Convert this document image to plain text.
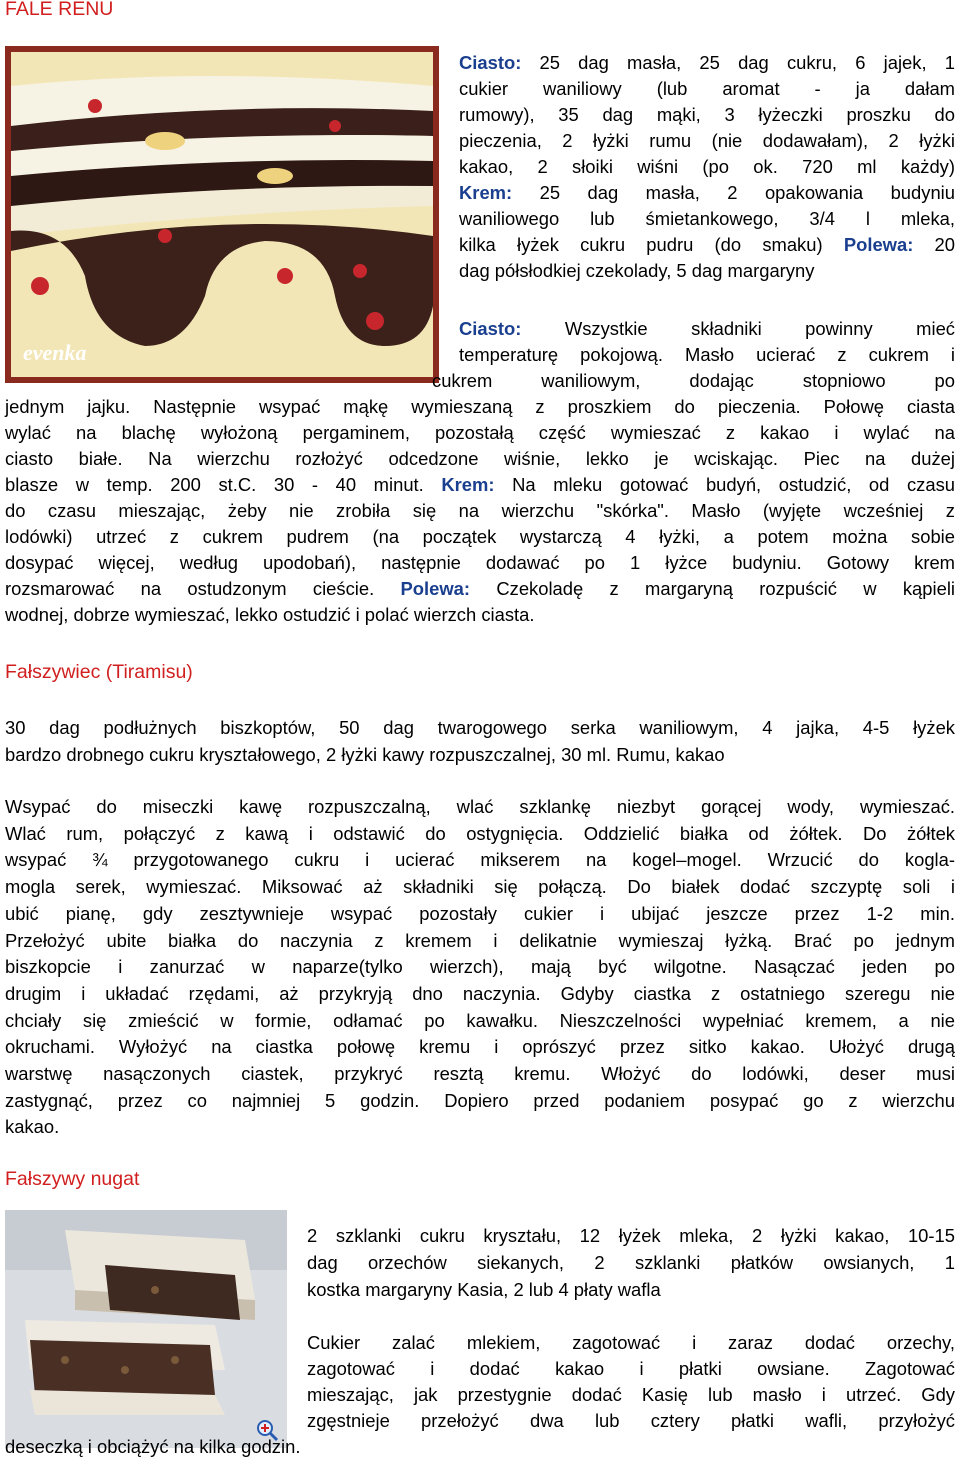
FALE RENU
evenka
Ciasto: 25 dag masła, 25 dag cukru, 6 jajek, 1
cukier waniliowy (lub aromat - ja dałam
rumowy), 35 dag mąki, 3 łyżeczki proszku do
pieczenia, 2 łyżki rumu (nie dodawałam), 2 łyżki
kakao, 2 słoiki wiśni (po ok. 720 ml każdy)
Krem: 25 dag masła, 2 opakowania budyniu
waniliowego lub śmietankowego, 3/4 l mleka,
kilka łyżek cukru pudru (do smaku) Polewa: 20
dag półsłodkiej czekolady, 5 dag margaryny
Ciasto: Wszystkie składniki powinny mieć
temperaturę pokojową. Masło ucierać z cukrem i
cukrem waniliowym, dodając stopniowo po
jednym jajku. Następnie wsypać mąkę wymieszaną z proszkiem do pieczenia. Połowę ciasta
wylać na blachę wyłożoną pergaminem, pozostałą część wymieszać z kakao i wylać na
ciasto białe. Na wierzchu rozłożyć odcedzone wiśnie, lekko je wciskając. Piec na dużej
blasze w temp. 200 st.C. 30 - 40 minut. Krem: Na mleku gotować budyń, ostudzić, od czasu
do czasu mieszając, żeby nie zrobiła się na wierzchu "skórka". Masło (wyjęte wcześniej z
lodówki) utrzeć z cukrem pudrem (na początek wystarczą 4 łyżki, a potem można sobie
dosypać więcej, według upodobań), następnie dodawać po 1 łyżce budyniu. Gotowy krem
rozsmarować na ostudzonym cieście. Polewa: Czekoladę z margaryną rozpuścić w kąpieli
wodnej, dobrze wymieszać, lekko ostudzić i polać wierzch ciasta.
Fałszywiec (Tiramisu)
30 dag podłużnych biszkoptów, 50 dag twarogowego serka waniliowym, 4 jajka, 4-5 łyżek
bardzo drobnego cukru kryształowego, 2 łyżki kawy rozpuszczalnej, 30 ml. Rumu, kakao
Wsypać do miseczki kawę rozpuszczalną, wlać szklankę niezbyt gorącej wody, wymieszać.
Wlać rum, połączyć z kawą i odstawić do ostygnięcia. Oddzielić białka od żółtek. Do żółtek
wsypać ¾ przygotowanego cukru i ucierać mikserem na kogel–mogel. Wrzucić do kogla-
mogla serek, wymieszać. Miksować aż składniki się połączą. Do białek dodać szczyptę soli i
ubić pianę, gdy zesztywnieje wsypać pozostały cukier i ubijać jeszcze przez 1-2 min.
Przełożyć ubite białka do naczynia z kremem i delikatnie wymieszaj łyżką. Brać po jednym
biszkopcie i zanurzać w naparze(tylko wierzch), mają być wilgotne. Nasączać jeden po
drugim i układać rzędami, aż przykryją dno naczynia. Gdyby ciastka z ostatniego szeregu nie
chciały się zmieścić w formie, odłamać po kawałku. Nieszczelności wypełniać kremem, a nie
okruchami. Wyłożyć na ciastka połowę kremu i oprószyć przez sitko kakao. Ułożyć drugą
warstwę nasączonych ciastek, przykryć resztą kremu. Włożyć do lodówki, deser musi
zastygnąć, przez co najmniej 5 godzin. Dopiero przed podaniem posypać go z wierzchu
kakao.
Fałszywy nugat
2 szklanki cukru kryształu, 12 łyżek mleka, 2 łyżki kakao, 10-15
dag orzechów siekanych, 2 szklanki płatków owsianych, 1
kostka margaryny Kasia, 2 lub 4 płaty wafla
Cukier zalać mlekiem, zagotować i zaraz dodać orzechy,
zagotować i dodać kakao i płatki owsiane. Zagotować
mieszając, jak przestygnie dodać Kasię lub masło i utrzeć. Gdy
zgęstnieje przełożyć dwa lub cztery płatki wafli, przyłożyć
deseczką i obciążyć na kilka godzin.
